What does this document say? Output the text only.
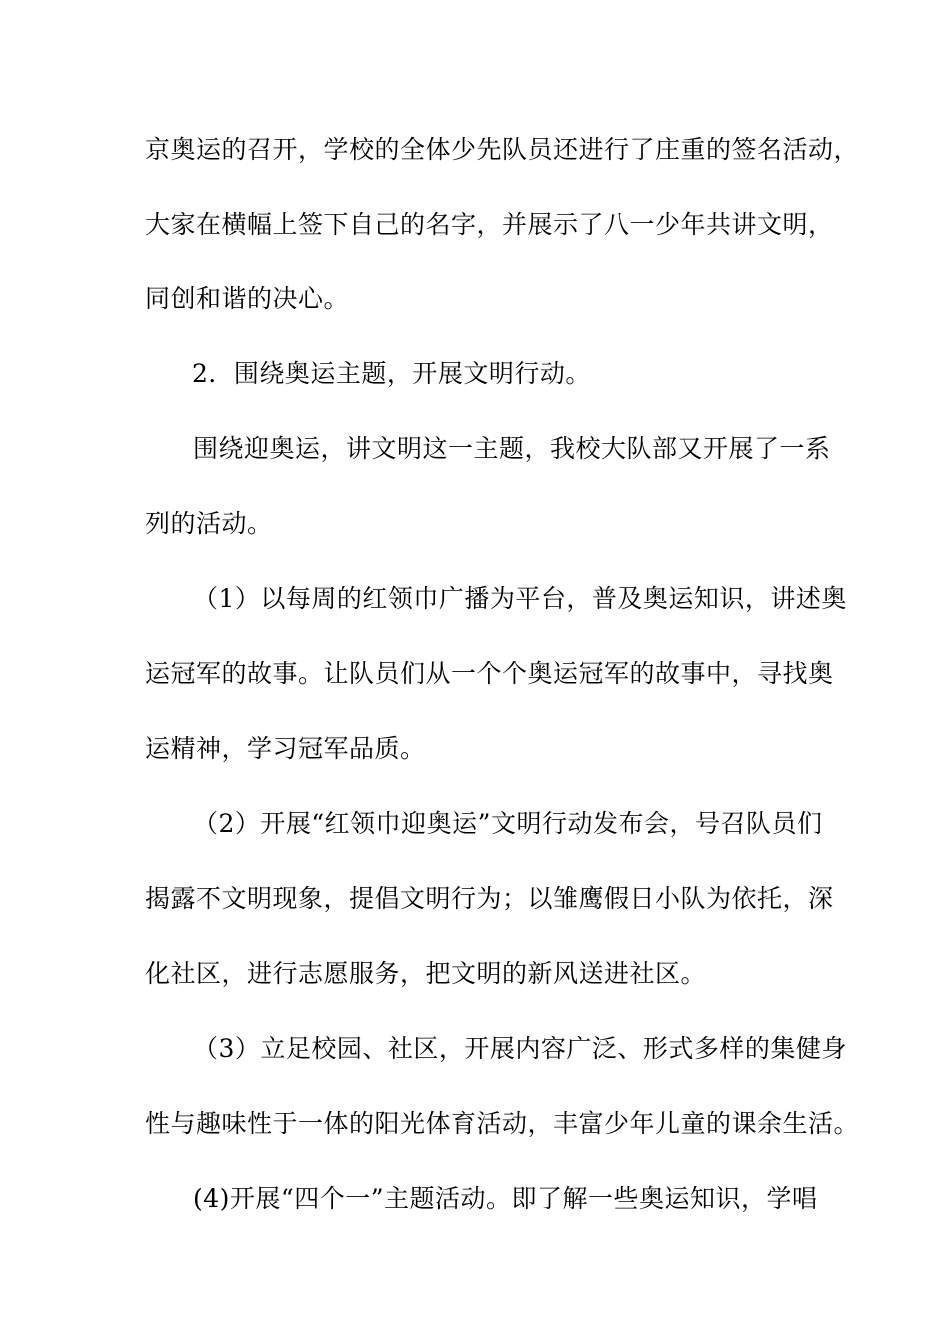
京奥运的召开，学校的全体少先队员还进行了庄重的签名活动，
大家在横幅上签下自己的名字，并展示了八一少年共讲文明，
同创和谐的决心。
2．围绕奥运主题，开展文明行动。
围绕迎奥运，讲文明这一主题，我校大队部又开展了一系
列的活动。
（1）以每周的红领巾广播为平台，普及奥运知识，讲述奥
运冠军的故事。让队员们从一个个奥运冠军的故事中，寻找奥
运精神，学习冠军品质。
（2）开展“红领巾迎奥运”文明行动发布会，号召队员们
揭露不文明现象，提倡文明行为；以雏鹰假日小队为依托，深
化社区，进行志愿服务，把文明的新风送进社区。
（3）立足校园、社区，开展内容广泛、形式多样的集健身
性与趣味性于一体的阳光体育活动，丰富少年儿童的课余生活。
(4)开展“四个一”主题活动。即了解一些奥运知识，学唱
